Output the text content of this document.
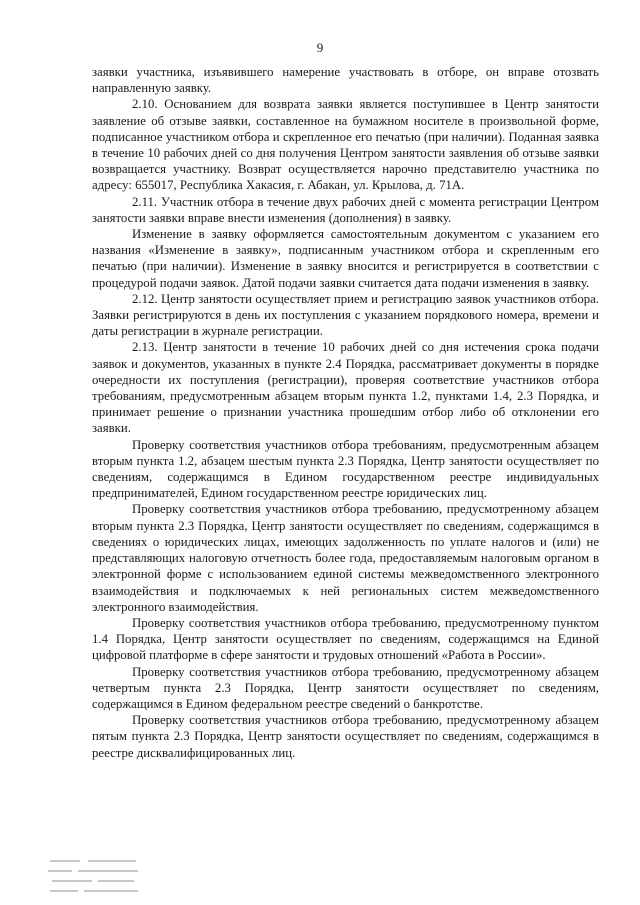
9

заявки участника, изъявившего намерение участвовать в отборе, он вправе отозвать направленную заявку.

2.10. Основанием для возврата заявки является поступившее в Центр занятости заявление об отзыве заявки, составленное на бумажном носителе в произвольной форме, подписанное участником отбора и скрепленное его печатью (при наличии). Поданная заявка в течение 10 рабочих дней со дня получения Центром занятости заявления об отзыве заявки возвращается участнику. Возврат осуществляется нарочно представителю участника по адресу: 655017, Республика Хакасия, г. Абакан, ул. Крылова, д. 71А.

2.11. Участник отбора в течение двух рабочих дней с момента регистрации Центром занятости заявки вправе внести изменения (дополнения) в заявку.

Изменение в заявку оформляется самостоятельным документом с указанием его названия «Изменение в заявку», подписанным участником отбора и скрепленным его печатью (при наличии). Изменение в заявку вносится и регистрируется в соответствии с процедурой подачи заявок. Датой подачи заявки считается дата подачи изменения в заявку.

2.12. Центр занятости осуществляет прием и регистрацию заявок участников отбора. Заявки регистрируются в день их поступления с указанием порядкового номера, времени и даты регистрации в журнале регистрации.

2.13. Центр занятости в течение 10 рабочих дней со дня истечения срока подачи заявок и документов, указанных в пункте 2.4 Порядка, рассматривает документы в порядке очередности их поступления (регистрации), проверяя соответствие участников отбора требованиям, предусмотренным абзацем вторым пункта 1.2, пунктами 1.4, 2.3 Порядка, и принимает решение о признании участника прошедшим отбор либо об отклонении его заявки.

Проверку соответствия участников отбора требованиям, предусмотренным абзацем вторым пункта 1.2, абзацем шестым пункта 2.3 Порядка, Центр занятости осуществляет по сведениям, содержащимся в Едином государственном реестре индивидуальных предпринимателей, Едином государственном реестре юридических лиц.

Проверку соответствия участников отбора требованию, предусмотренному абзацем вторым пункта 2.3 Порядка, Центр занятости осуществляет по сведениям, содержащимся в сведениях о юридических лицах, имеющих задолженность по уплате налогов и (или) не представляющих налоговую отчетность более года, предоставляемым налоговым органом в электронной форме с использованием единой системы межведомственного электронного взаимодействия и подключаемых к ней региональных систем межведомственного электронного взаимодействия.

Проверку соответствия участников отбора требованию, предусмотренному пунктом 1.4 Порядка, Центр занятости осуществляет по сведениям, содержащимся на Единой цифровой платформе в сфере занятости и трудовых отношений «Работа в России».

Проверку соответствия участников отбора требованию, предусмотренному абзацем четвертым пункта 2.3 Порядка, Центр занятости осуществляет по сведениям, содержащимся в Едином федеральном реестре сведений о банкротстве.

Проверку соответствия участников отбора требованию, предусмотренному абзацем пятым пункта 2.3 Порядка, Центр занятости осуществляет по сведениям, содержащимся в реестре дисквалифицированных лиц.
